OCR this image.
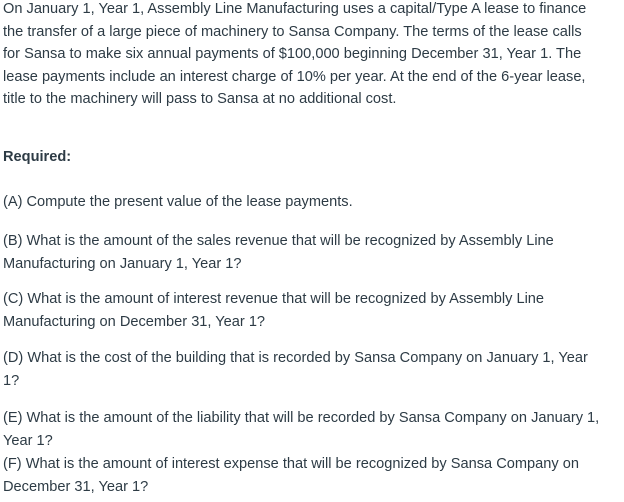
On January 1, Year 1, Assembly Line Manufacturing uses a capital/Type A lease to finance the transfer of a large piece of machinery to Sansa Company. The terms of the lease calls for Sansa to make six annual payments of $100,000 beginning December 31, Year 1. The lease payments include an interest charge of 10% per year. At the end of the 6-year lease, title to the machinery will pass to Sansa at no additional cost.

Required:

(A) Compute the present value of the lease payments.

(B) What is the amount of the sales revenue that will be recognized by Assembly Line Manufacturing on January 1, Year 1?

(C) What is the amount of interest revenue that will be recognized by Assembly Line Manufacturing on December 31, Year 1?

(D) What is the cost of the building that is recorded by Sansa Company on January 1, Year 1?

(E) What is the amount of the liability that will be recorded by Sansa Company on January 1, Year 1?

(F) What is the amount of interest expense that will be recognized by Sansa Company on December 31, Year 1?
